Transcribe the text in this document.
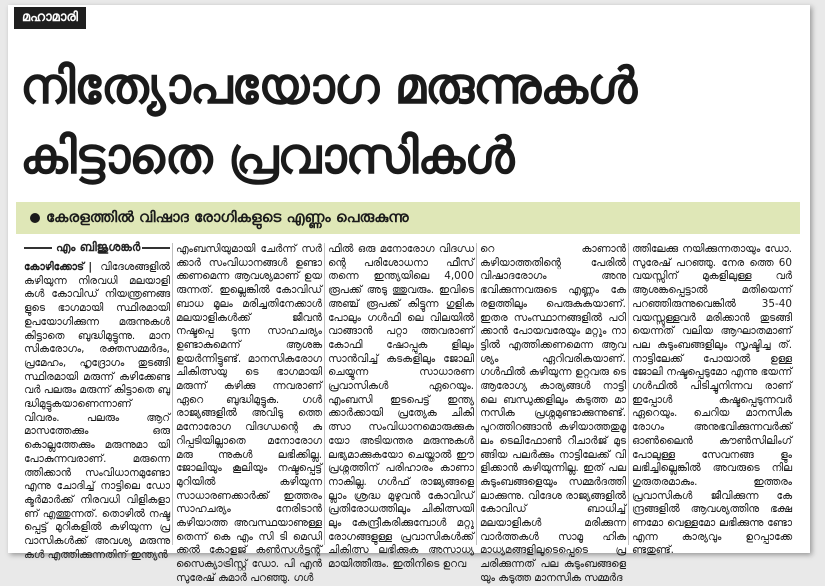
മഹാമാരി
നിത്യോപയോഗ മരുന്നുകൾ
കിട്ടാതെ പ്രവാസികൾ
കേരളത്തിൽ വിഷാദ രോഗികളുടെ എണ്ണം പെരുകുന്നു
എം ബിജുശങ്കർ

കോഴിക്കോട് | വിദേശങ്ങളിൽ കഴിയുന്ന നിരവധി മലയാളി കൾ കോവിഡ് നിയന്ത്രണങ്ങ ളുടെ ഭാഗമായി സ്ഥിരമായി ഉപയോഗിക്കുന്ന മരുന്നുകൾ കിട്ടാതെ ബുദ്ധിമുട്ടുന്നു. മാന സികരോഗം, രക്തസമ്മർദം, പ്രമേഹം, ഹൃദ്രോഗം തുടങ്ങി സ്ഥിരമായി മരുന്ന് കഴിക്കേണ്ട വർ പലരും മരുന്ന് കിട്ടാതെ ബു ദ്ധിമുട്ടുകയാണെന്നാണ് വിവരം. പലരും ആറ് മാസത്തേക്കും ഒരു കൊല്ലത്തേക്കും മരുന്നുമാ യി പോകുന്നവരാണ്. മരുന്നെ ത്തിക്കാൻ സംവിധാനമുണ്ടോ എന്നു ചോദിച്ച് നാട്ടിലെ ഡോ ക്ടർമാർക്ക് നിരവധി വിളികളാ ണ് എത്തുന്നത്. തൊഴിൽ നഷ്ട പ്പെട്ട് മുറികളിൽ കഴിയുന്ന പ്ര വാസികൾക്ക് അവശ്യ മരുന്നു കൾ എത്തിക്കുന്നതിന് ഇന്ത്യൻ

എംബസിയുമായി ചേർന്ന് സർ ക്കാർ സംവിധാനങ്ങൾ ഉണ്ടാ ക്കണമെന്ന ആവശ്യമാണ് ഉയ രുന്നത്. ഇല്ലെങ്കിൽ കോവിഡ് ബാധ മൂലം മരിച്ചതിനേക്കാൾ മലയാളികൾക്ക് ജീവൻ നഷ്ടപ്പെ ടുന്ന സാഹചര്യം ഉണ്ടാകുമെന്ന് ആശങ്ക ഉയർന്നിട്ടുണ്ട്. മാനസികരോഗ ചികിത്സയു ടെ ഭാഗമായി മരുന്ന് കഴിക്കു ന്നവരാണ് ഏറെ ബുദ്ധിമുട്ടുക. ഗൾ രാജ്യങ്ങളിൽ അവിടു ത്തെ മനോരോഗ വിദഗ്ധന്റെ കു റിപ്പടിയില്ലാതെ മനോരോഗ മരു ന്നുകൾ ലഭിക്കില്ല. ജോലിയും കൂലിയും നഷ്ടപ്പെട്ട് മുറിയിൽ കഴിയുന്ന സാധാരണക്കാർക്ക് ഇത്തരം സാഹചര്യം നേരിടാൻ കഴിയാത്ത അവസ്ഥയാണുള്ള തെന്ന് കെ എം സി ടി മെഡി ക്കൽ കോളജ് കൺസൾട്ടന്റ് സൈക്യാട്രിസ്റ്റ് ഡോ. പി എൻ സുരേഷ് കുമാർ പറഞ്ഞു. ഗൾ

ഫിൽ ഒരു മനോരോഗ വിദഗ്ധ ന്റെ പരിശോധനാ ഫീസ് തന്നെ ഇന്ത്യയിലെ 4,000 രൂപക്ക് അടു ത്തുവരും. ഇവിടെ അഞ്ച് രൂപക്ക് കിട്ടുന്ന ഗുളിക പോലും ഗൾഫി ലെ വിലയിൽ വാങ്ങാൻ പറ്റാ ത്തവരാണ് കോഫി ഷോപ്പുക ളിലും സാൻവിച്ച് കടകളിലും ജോലി ചെയ്യുന്ന സാധാരണ പ്രവാസികൾ ഏറെയും. എംബസി ഇടപെട്ട് ഇന്ത്യ ക്കാർക്കായി പ്രത്യേക ചികി ത്സാ സംവിധാനമൊരുക്കുക യോ അടിയന്തര മരുന്നുകൾ ലഭ്യമാക്കുകയോ ചെയ്താൽ ഈ പ്രശ്നത്തിന് പരിഹാരം കാണാ നാകില്ല. ഗൾഫ് രാജ്യങ്ങളെ ല്ലാം ശ്രദ്ധ മുഴുവൻ കോവിഡ് പ്രതിരോധത്തിലും ചികിത്സയി ലും കേന്ദ്രീകരിക്കുമ്പോൾ മറ്റു രോഗങ്ങളുള്ള പ്രവാസികൾക്ക് ചികിത്സ ലഭിക്കുക അസാധ്യ മായിത്തീരും. ഇതിനിടെ ഉറവ

റെ കാണാൻ കഴിയാത്തതിന്റെ പേരിൽ വിഷാദരോഗം അനു ഭവിക്കുന്നവരുടെ എണ്ണം കേ രളത്തിലും പെരുകുകയാണ്. ഇതര സംസ്ഥാനങ്ങളിൽ പഠി ക്കാൻ പോയവരേയും മറ്റും നാ ട്ടിൽ എത്തിക്കണമെന്ന ആവ ശ്യം ഏറിവരികയാണ്. ഗൾഫിൽ കഴിയുന്ന ഉറ്റവരു ടെ ആരോഗ്യ കാര്യങ്ങൾ നാട്ടി ലെ ബന്ധുക്കളിലും കടുത്ത മാ നസിക പ്രശ്നമുണ്ടാക്കുന്നുണ്ട്. പുറത്തിറങ്ങാൻ കഴിയാത്തതുമൂ ലം ടെലിഫോൺ റീചാർജ് മുട ങ്ങിയ പലർക്കും നാട്ടിലേക്ക് വി ളിക്കാൻ കഴിയുന്നില്ല. ഇത് പല കുടുംബങ്ങളെയും സമ്മർദത്തി ലാക്കുന്നു. വിദേശ രാജ്യങ്ങളിൽ കോവിഡ് ബാധിച്ച് മലയാളികൾ മരിക്കുന്ന വാർത്തകൾ സാമൂ ഹിക മാധ്യമങ്ങളിലൂടെപ്പെടെ പ്ര ചരിക്കുന്നത് പല കുടുംബങ്ങളെ യും കടുത്ത മാനസിക സമ്മർദ

ത്തിലേക്കു നയിക്കുന്നതായും ഡോ. സുരേഷ് പറഞ്ഞു. നേര ത്തെ 60 വയസ്സിന് മുകളിലുള്ള വർ ആശങ്കപ്പെട്ടാൽ മതിയെന്ന് പറഞ്ഞിരുന്നുവെങ്കിൽ 35-40 വയസ്സുള്ളവർ മരിക്കാൻ തുടങ്ങി യെന്നത് വലിയ ആഘാതമാണ് പല കുടുംബങ്ങളിലും സൃഷ്ടിച്ച ത്. നാട്ടിലേക്ക് പോയാൽ ഉള്ള ജോലി നഷ്ടപ്പെടുമോ എന്നു ഭയന്ന് ഗൾഫിൽ പിടിച്ചുനിന്നവ രാണ് ഇപ്പോൾ കഷ്ടപ്പെടുന്നവർ ഏറെയും. ചെറിയ മാനസിക രോഗം അനുഭവിക്കുന്നവർക്ക് ഓൺലൈൻ കൗൺസിലിംഗ് പോലുള്ള സേവനങ്ങ ളും ലഭിച്ചില്ലെങ്കിൽ അവരുടെ നില ഗുരുതരമാകും. ഇത്തരം പ്രവാസികൾ ജീവിക്കുന്ന കേ ന്ദ്രങ്ങളിൽ ആവശ്യത്തിനു ഭക്ഷ ണമോ വെള്ളമോ ലഭിക്കുന്നു ണ്ടോ എന്ന കാര്യവും ഉറപ്പാക്കേ ണ്ടതുണ്ട്.
